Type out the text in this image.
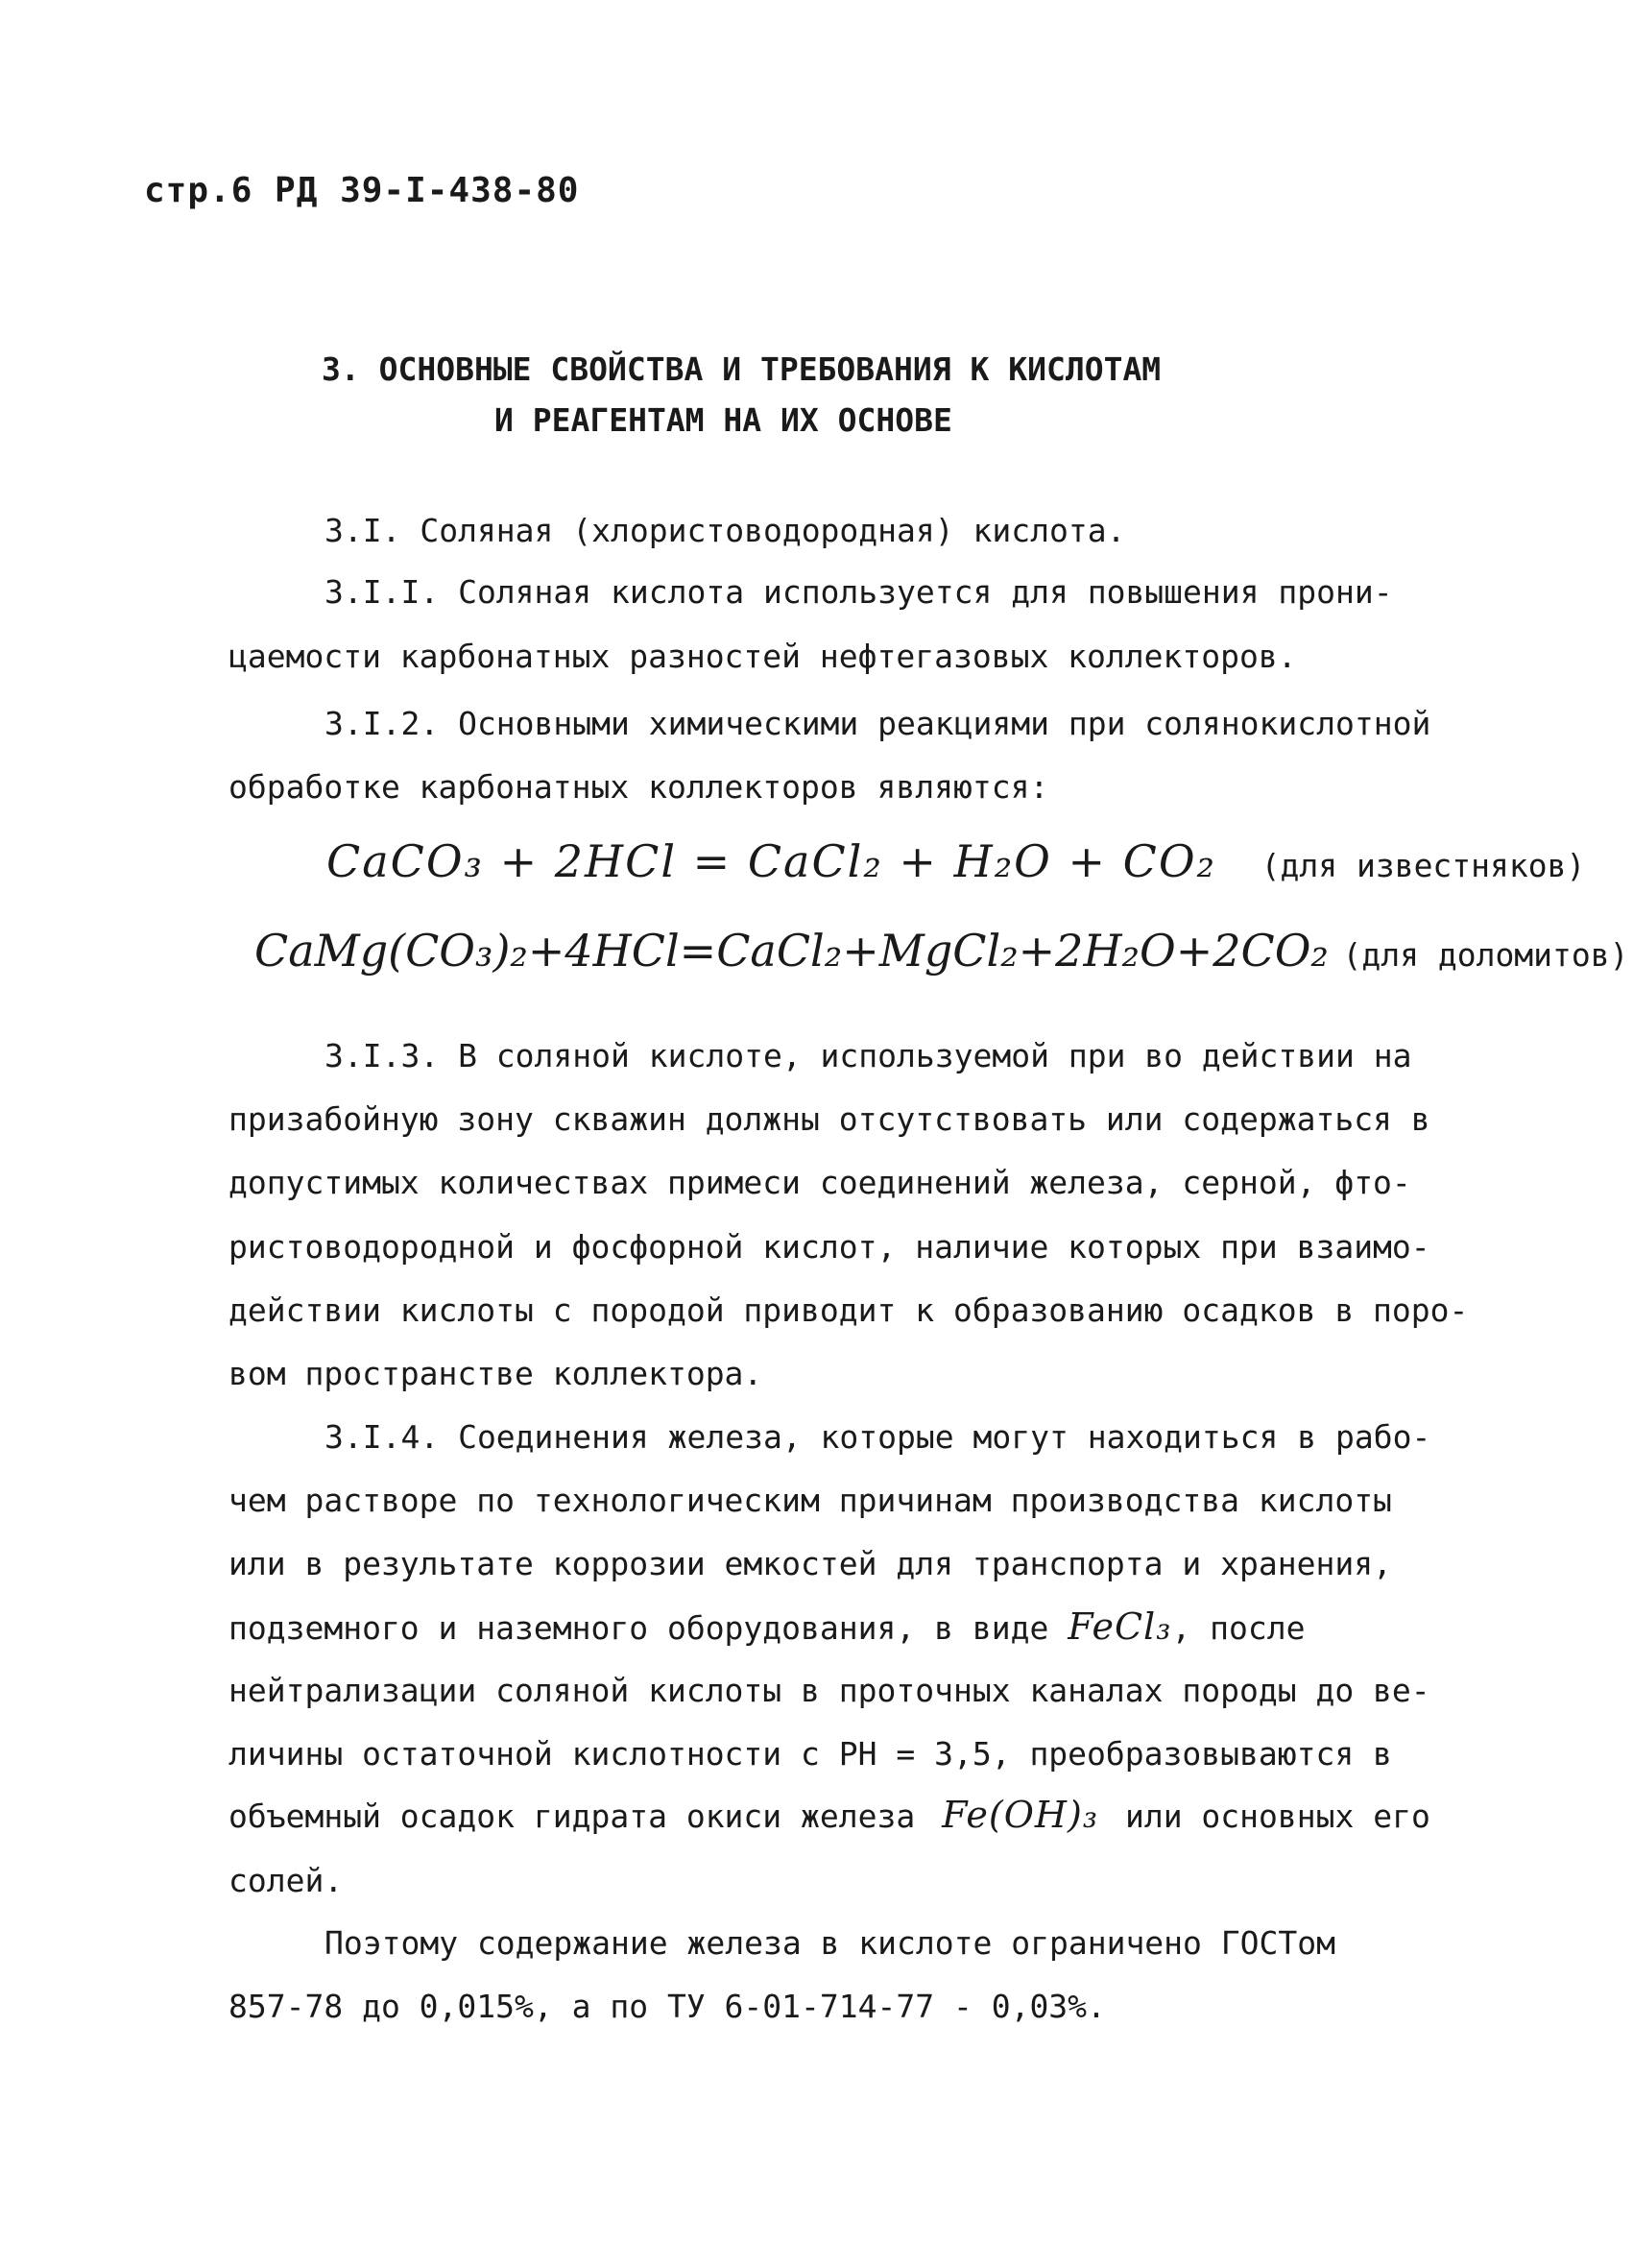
стр.6 РД 39-I-438-80
3. ОСНОВНЫЕ СВОЙСТВА И ТРЕБОВАНИЯ К КИСЛОТАМ
И РЕАГЕНТАМ НА ИХ ОСНОВЕ
3.I. Соляная (хлористоводородная) кислота.
3.I.I. Соляная кислота используется для повышения прони-
цаемости карбонатных разностей нефтегазовых коллекторов.
3.I.2. Основными химическими реакциями при солянокислотной
обработке карбонатных коллекторов являются:
CaCO₃ + 2HCl = CaCl₂ + H₂O + CO₂ (для известняков)
CaMg(CO₃)₂+4HCl=CaCl₂+MgCl₂+2H₂O+2CO₂ (для доломитов)
3.I.3. В соляной кислоте, используемой при во действии на
призабойную зону скважин должны отсутствовать или содержаться в
допустимых количествах примеси соединений железа, серной, фто-
ристоводородной и фосфорной кислот, наличие которых при взаимо-
действии кислоты с породой приводит к образованию осадков в поро-
вом пространстве коллектора.
3.I.4. Соединения железа, которые могут находиться в рабо-
чем растворе по технологическим причинам производства кислоты
или в результате коррозии емкостей для транспорта и хранения,
подземного и наземного оборудования, в виде FeCl₃, после
нейтрализации соляной кислоты в проточных каналах породы до ве-
личины остаточной кислотности с РН = 3,5, преобразовываются в
объемный осадок гидрата окиси железа Fe(OH)₃ или основных его
солей.
Поэтому содержание железа в кислоте ограничено ГОСТом
857-78 до 0,015%, а по ТУ 6-01-714-77 - 0,03%.
